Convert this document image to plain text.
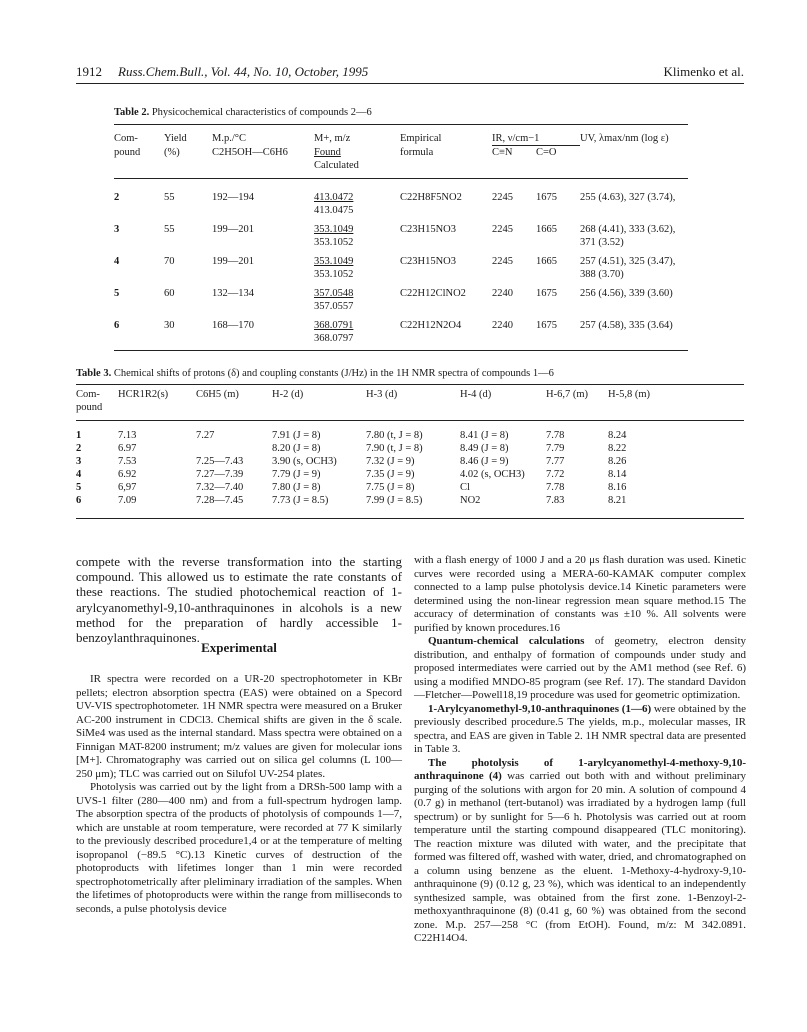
1912 Russ.Chem.Bull., Vol. 44, No. 10, October, 1995	Klimenko et al.
Table 2. Physicochemical characteristics of compounds 2—6
Com-	Yield	M.p./°C	M+, m/z	Empirical	IR, ν/cm−1		UV, λmax/nm (log ε)
pound	(%)	C2H5OH—C6H6	Found	formula	C≡N	C=O	
			Calculated				
2	55	192—194	413.0472	C22H8F5NO2	2245	1675	255 (4.63), 327 (3.74),
			413.0475				
3	55	199—201	353.1049	C23H15NO3	2245	1665	268 (4.41), 333 (3.62),
			353.1052				371 (3.52)
4	70	199—201	353.1049	C23H15NO3	2245	1665	257 (4.51), 325 (3.47),
			353.1052				388 (3.70)
5	60	132—134	357.0548	C22H12ClNO2	2240	1675	256 (4.56), 339 (3.60)
			357.0557				
6	30	168—170	368.0791	C22H12N2O4	2240	1675	257 (4.58), 335 (3.64)
			368.0797				
Table 3. Chemical shifts of protons (δ) and coupling constants (J/Hz) in the 1H NMR spectra of compounds 1—6
Com-	HCR1R2(s)	C6H5 (m)	H-2 (d)	H-3 (d)	H-4 (d)	H-6,7 (m)	H-5,8 (m)
pound							
1	7.13	7.27	7.91 (J = 8)	7.80 (t, J = 8)	8.41 (J = 8)	7.78	8.24
2	6.97		8.20 (J = 8)	7.90 (t, J = 8)	8.49 (J = 8)	7.79	8.22
3	7.53	7.25—7.43	3.90 (s, OCH3)	7.32 (J = 9)	8.46 (J = 9)	7.77	8.26
4	6.92	7.27—7.39	7.79 (J = 9)	7.35 (J = 9)	4.02 (s, OCH3)	7.72	8.14
5	6,97	7.32—7.40	7.80 (J = 8)	7.75 (J = 8)	Cl	7.78	8.16
6	7.09	7.28—7.45	7.73 (J = 8.5)	7.99 (J = 8.5)	NO2	7.83	8.21
compete with the reverse transformation into the starting compound. This allowed us to estimate the rate constants of these reactions. The studied photochemical reaction of 1-arylcyanomethyl-9,10-anthraquinones in alcohols is a new method for the preparation of hardly accessible 1-benzoylanthraquinones.
Experimental

IR spectra were recorded on a UR-20 spectrophotometer in KBr pellets; electron absorption spectra (EAS) were obtained on a Specord UV-VIS spectrophotometer. 1H NMR spectra were measured on a Bruker AC-200 instrument in CDCl3. Chemical shifts are given in the δ scale. SiMe4 was used as the internal standard. Mass spectra were obtained on a Finnigan MAT-8200 instrument; m/z values are given for molecular ions [M+]. Chromatography was carried out on silica gel columns (L 100—250 μm); TLC was carried out on Silufol UV-254 plates.

Photolysis was carried out by the light from a DRSh-500 lamp with a UVS-1 filter (280—400 nm) and from a full-spectrum hydrogen lamp. The absorption spectra of the products of photolysis of compounds 1—7, which are unstable at room temperature, were recorded at 77 K similarly to the previously described procedure1,4 or at the temperature of melting isopropanol (−89.5 °C).13 Kinetic curves of destruction of the photoproducts with lifetimes longer than 1 min were recorded spectrophotometrically after pleliminary irradiation of the samples. When the lifetimes of photoproducts were within the range from milliseconds to seconds, a pulse photolysis device

with a flash energy of 1000 J and a 20 μs flash duration was used. Kinetic curves were recorded using a MERA-60-KAMAK computer complex connected to a lamp pulse photolysis device.14 Kinetic parameters were determined using the non-linear regression mean square method.15 The accuracy of determination of constants was ±10 %. All solvents were purified by known procedures.16

Quantum-chemical calculations of geometry, electron density distribution, and enthalpy of formation of compounds under study and proposed intermediates were carried out by the AM1 method (see Ref. 6) using a modified MNDO-85 program (see Ref. 17). The standard Davidon—Fletcher—Powell18,19 procedure was used for geometric optimization.

1-Arylcyanomethyl-9,10-anthraquinones (1—6) were obtained by the previously described procedure.5 The yields, m.p., molecular masses, IR spectra, and EAS are given in Table 2. 1H NMR spectral data are presented in Table 3.

The photolysis of 1-arylcyanomethyl-4-methoxy-9,10-anthraquinone (4) was carried out both with and without preliminary purging of the solutions with argon for 20 min. A solution of compound 4 (0.7 g) in methanol (tert-butanol) was irradiated by a hydrogen lamp (full spectrum) or by sunlight for 5—6 h. Photolysis was carried out at room temperature until the starting compound disappeared (TLC monitoring). The reaction mixture was diluted with water, and the precipitate that formed was filtered off, washed with water, dried, and chromatographed on a column using benzene as the eluent. 1-Methoxy-4-hydroxy-9,10-anthraquinone (9) (0.12 g, 23 %), which was identical to an independently synthesized sample, was obtained from the first zone. 1-Benzoyl-2-methoxyanthraquinone (8) (0.41 g, 60 %) was obtained from the second zone. M.p. 257—258 °C (from EtOH). Found, m/z: M 342.0891. C22H14O4.
